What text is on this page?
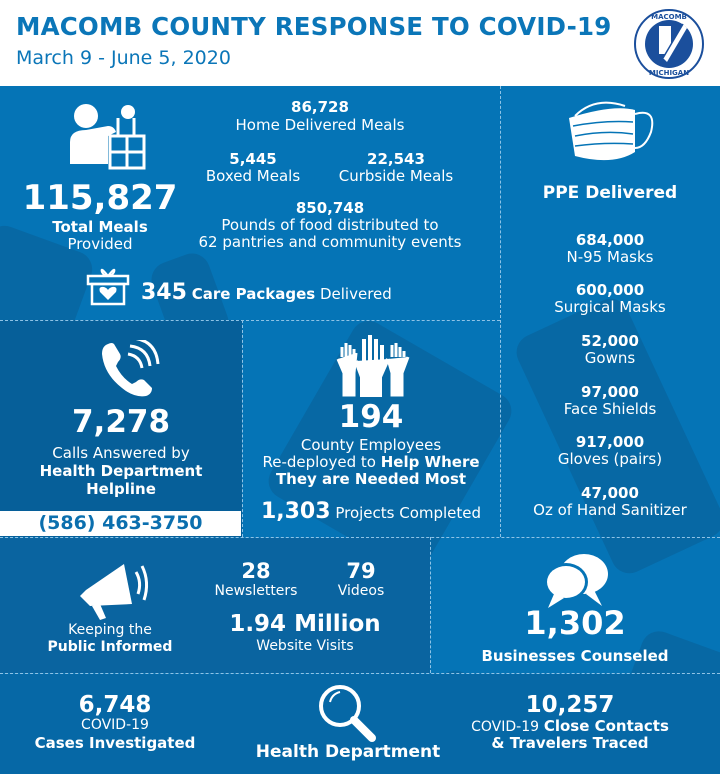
MACOMB COUNTY RESPONSE TO COVID-19
March 9 - June 5, 2020
MACOMB
MICHIGAN
115,827
Total Meals
Provided
86,728
Home Delivered Meals
5,445
Boxed Meals
22,543
Curbside Meals
850,748
Pounds of food distributed to
62 pantries and community events
345 Care Packages Delivered
PPE Delivered
684,000
N-95 Masks
600,000
Surgical Masks
52,000
Gowns
97,000
Face Shields
917,000
Gloves (pairs)
47,000
Oz of Hand Sanitizer
7,278
Calls Answered by
Health Department
Helpline
(586) 463-3750
194
County Employees
Re-deployed to Help Where
They are Needed Most
1,303 Projects Completed
Keeping the
Public Informed
28
Newsletters
79
Videos
1.94 Million
Website Visits
1,302
Businesses Counseled
6,748
COVID-19
Cases Investigated	Health Department
10,257
COVID-19 Close Contacts
& Travelers Traced
